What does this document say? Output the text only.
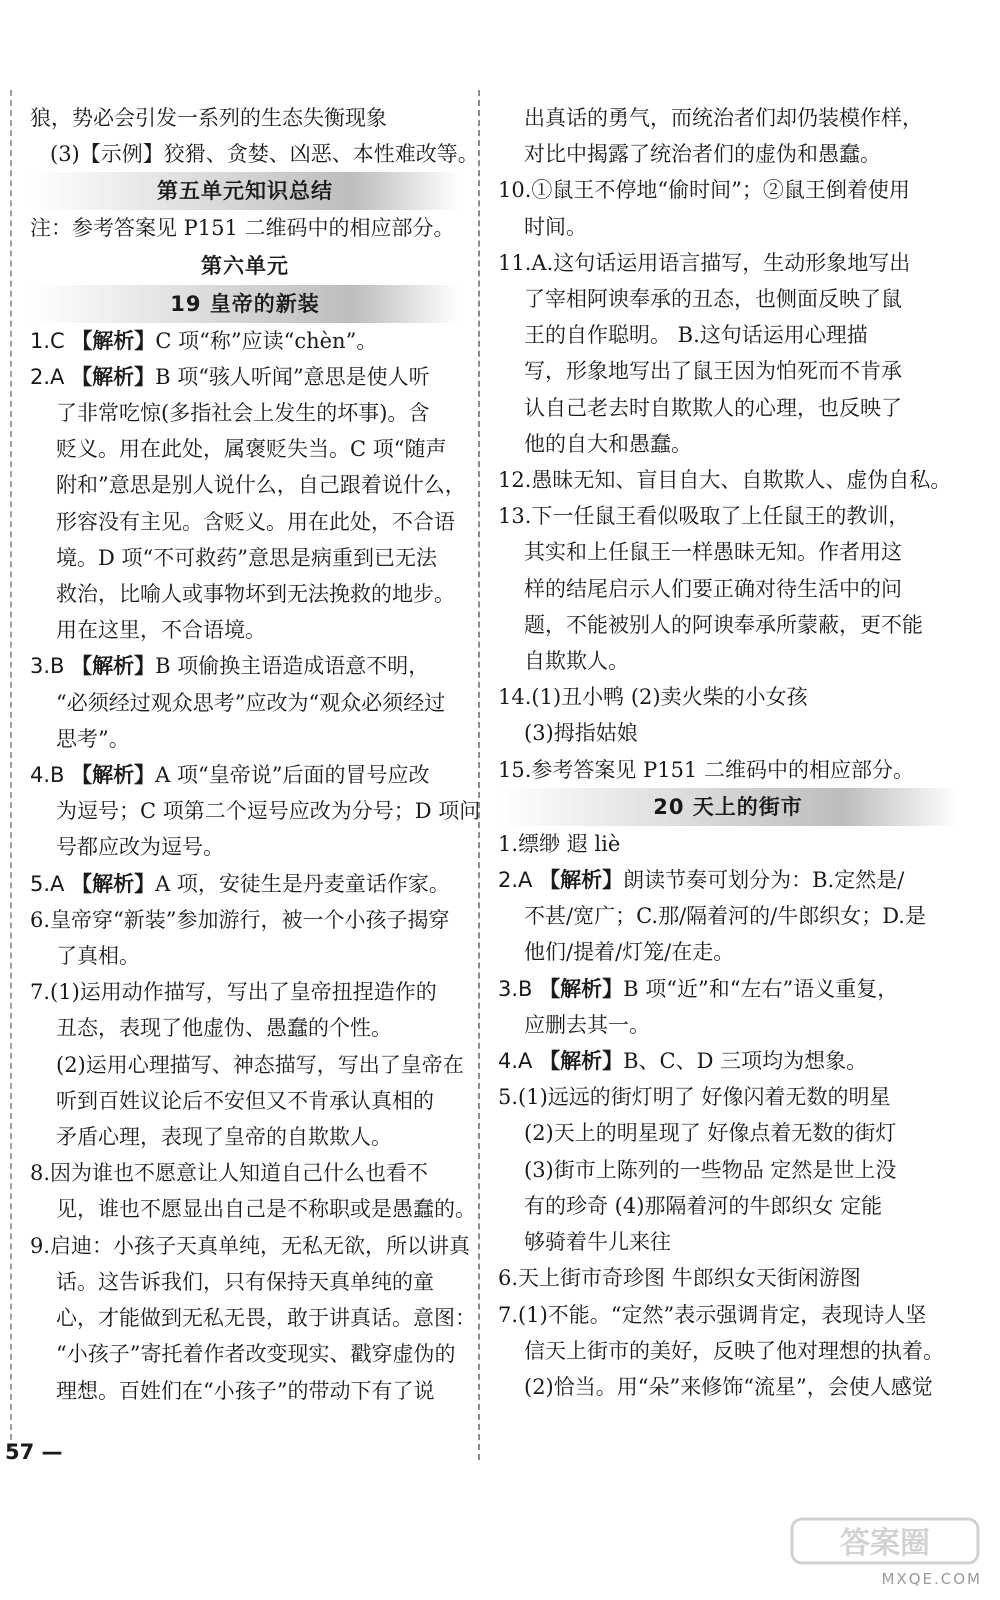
狼，势必会引发一系列的生态失衡现象
(3)【示例】狡猾、贪婪、凶恶、本性难改等。
第五单元知识总结
注：参考答案见 P151 二维码中的相应部分。
第六单元
19 皇帝的新装
1.C 【解析】C 项“称”应读“chèn”。
2.A 【解析】B 项“骇人听闻”意思是使人听
了非常吃惊(多指社会上发生的坏事)。含
贬义。用在此处，属褒贬失当。C 项“随声
附和”意思是别人说什么，自己跟着说什么，
形容没有主见。含贬义。用在此处，不合语
境。D 项“不可救药”意思是病重到已无法
救治，比喻人或事物坏到无法挽救的地步。
用在这里，不合语境。
3.B 【解析】B 项偷换主语造成语意不明，
“必须经过观众思考”应改为“观众必须经过
思考”。
4.B 【解析】A 项“皇帝说”后面的冒号应改
为逗号；C 项第二个逗号应改为分号；D 项问
号都应改为逗号。
5.A 【解析】A 项，安徒生是丹麦童话作家。
6.皇帝穿“新装”参加游行，被一个小孩子揭穿
了真相。
7.(1)运用动作描写，写出了皇帝扭捏造作的
丑态，表现了他虚伪、愚蠢的个性。
(2)运用心理描写、神态描写，写出了皇帝在
听到百姓议论后不安但又不肯承认真相的
矛盾心理，表现了皇帝的自欺欺人。
8.因为谁也不愿意让人知道自己什么也看不
见，谁也不愿显出自己是不称职或是愚蠢的。
9.启迪：小孩子天真单纯，无私无欲，所以讲真
话。这告诉我们，只有保持天真单纯的童
心，才能做到无私无畏，敢于讲真话。意图：
“小孩子”寄托着作者改变现实、戳穿虚伪的
理想。百姓们在“小孩子”的带动下有了说
出真话的勇气，而统治者们却仍装模作样，
对比中揭露了统治者们的虚伪和愚蠢。
10.①鼠王不停地“偷时间”；②鼠王倒着使用
时间。
11.A.这句话运用语言描写，生动形象地写出
了宰相阿谀奉承的丑态，也侧面反映了鼠
王的自作聪明。 B.这句话运用心理描
写，形象地写出了鼠王因为怕死而不肯承
认自己老去时自欺欺人的心理，也反映了
他的自大和愚蠢。
12.愚昧无知、盲目自大、自欺欺人、虚伪自私。
13.下一任鼠王看似吸取了上任鼠王的教训，
其实和上任鼠王一样愚昧无知。作者用这
样的结尾启示人们要正确对待生活中的问
题，不能被别人的阿谀奉承所蒙蔽，更不能
自欺欺人。
14.(1)丑小鸭 (2)卖火柴的小女孩
(3)拇指姑娘
15.参考答案见 P151 二维码中的相应部分。
20 天上的街市
1.缥缈 遐 liè
2.A 【解析】朗读节奏可划分为：B.定然是/
不甚/宽广；C.那/隔着河的/牛郎织女；D.是
他们/提着/灯笼/在走。
3.B 【解析】B 项“近”和“左右”语义重复，
应删去其一。
4.A 【解析】B、C、D 三项均为想象。
5.(1)远远的街灯明了 好像闪着无数的明星
(2)天上的明星现了 好像点着无数的街灯
(3)街市上陈列的一些物品 定然是世上没
有的珍奇 (4)那隔着河的牛郎织女 定能
够骑着牛儿来往
6.天上街市奇珍图 牛郎织女天街闲游图
7.(1)不能。“定然”表示强调肯定，表现诗人坚
信天上街市的美好，反映了他对理想的执着。
(2)恰当。用“朵”来修饰“流星”，会使人感觉
57 —
答案圈
MXQE.COM
